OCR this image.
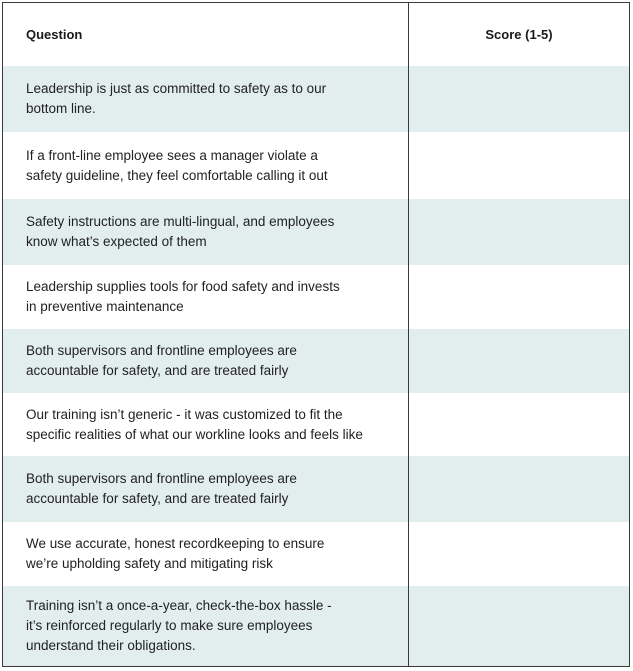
Question	Score (1-5)
Leadership is just as committed to safety as to our
bottom line.
If a front-line employee sees a manager violate a
safety guideline, they feel comfortable calling it out
Safety instructions are multi-lingual, and employees
know what’s expected of them
Leadership supplies tools for food safety and invests
in preventive maintenance
Both supervisors and frontline employees are
accountable for safety, and are treated fairly
Our training isn’t generic - it was customized to fit the
specific realities of what our workline looks and feels like
Both supervisors and frontline employees are
accountable for safety, and are treated fairly
We use accurate, honest recordkeeping to ensure
we’re upholding safety and mitigating risk
Training isn’t a once-a-year, check-the-box hassle -
it’s reinforced regularly to make sure employees
understand their obligations.
